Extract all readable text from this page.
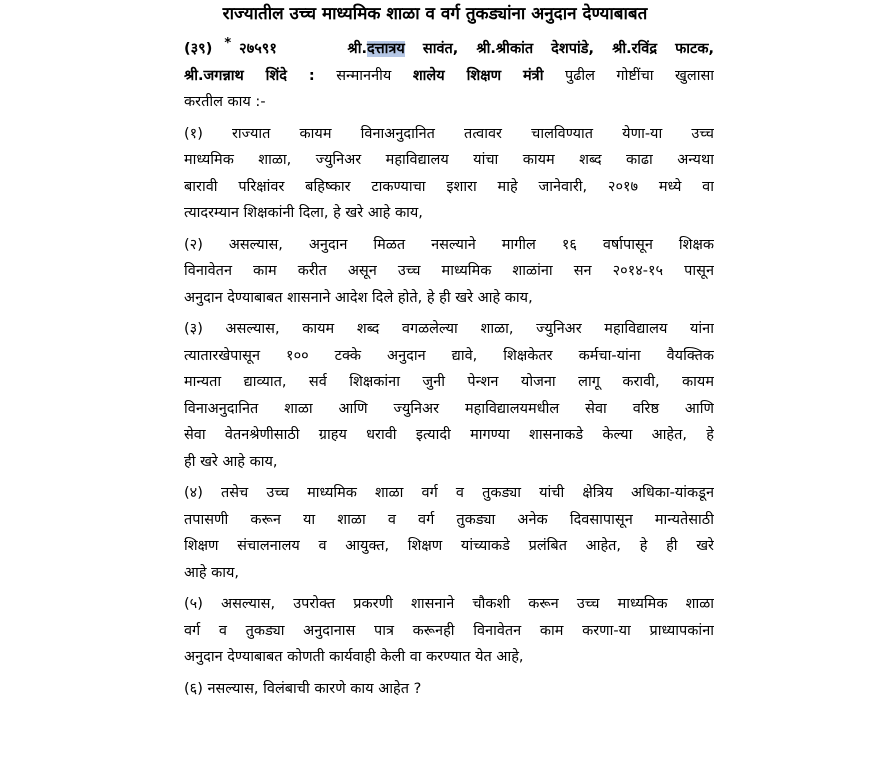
राज्यातील उच्च माध्यमिक शाळा व वर्ग तुकड्यांना अनुदान देण्याबाबत
(३९) * २७५९१	श्री.दत्तात्रय सावंत, श्री.श्रीकांत देशपांडे, श्री.रविंद्र फाटक,
श्री.जगन्नाथ शिंदे : सन्माननीय शालेय शिक्षण मंत्री पुढील गोष्टींचा खुलासा
करतील काय :-
(१) राज्यात कायम विनाअनुदानित तत्वावर चालविण्यात येणा-या उच्च
माध्यमिक शाळा, ज्युनिअर महाविद्यालय यांचा कायम शब्द काढा अन्यथा
बारावी परिक्षांवर बहिष्कार टाकण्याचा इशारा माहे जानेवारी, २०१७ मध्ये वा
त्यादरम्यान शिक्षकांनी दिला, हे खरे आहे काय,
(२) असल्यास, अनुदान मिळत नसल्याने मागील १६ वर्षापासून शिक्षक
विनावेतन काम करीत असून उच्च माध्यमिक शाळांना सन २०१४-१५ पासून
अनुदान देण्याबाबत शासनाने आदेश दिले होते, हे ही खरे आहे काय,
(३) असल्यास, कायम शब्द वगळलेल्या शाळा, ज्युनिअर महाविद्यालय यांना
त्यातारखेपासून १०० टक्के अनुदान द्यावे, शिक्षकेतर कर्मचा-यांना वैयक्तिक
मान्यता द्याव्यात, सर्व शिक्षकांना जुनी पेन्शन योजना लागू करावी, कायम
विनाअनुदानित शाळा आणि ज्युनिअर महाविद्यालयमधील सेवा वरिष्ठ आणि
सेवा वेतनश्रेणीसाठी ग्राहय धरावी इत्यादी मागण्या शासनाकडे केल्या आहेत, हे
ही खरे आहे काय,
(४) तसेच उच्च माध्यमिक शाळा वर्ग व तुकड्या यांची क्षेत्रिय अधिका-यांकडून
तपासणी करून या शाळा व वर्ग तुकड्या अनेक दिवसापासून मान्यतेसाठी
शिक्षण संचालनालय व आयुक्त, शिक्षण यांच्याकडे प्रलंबित आहेत, हे ही खरे
आहे काय,
(५) असल्यास, उपरोक्त प्रकरणी शासनाने चौकशी करून उच्च माध्यमिक शाळा
वर्ग व तुकड्या अनुदानास पात्र करूनही विनावेतन काम करणा-या प्राध्यापकांना
अनुदान देण्याबाबत कोणती कार्यवाही केली वा करण्यात येत आहे,
(६) नसल्यास, विलंबाची कारणे काय आहेत ?
